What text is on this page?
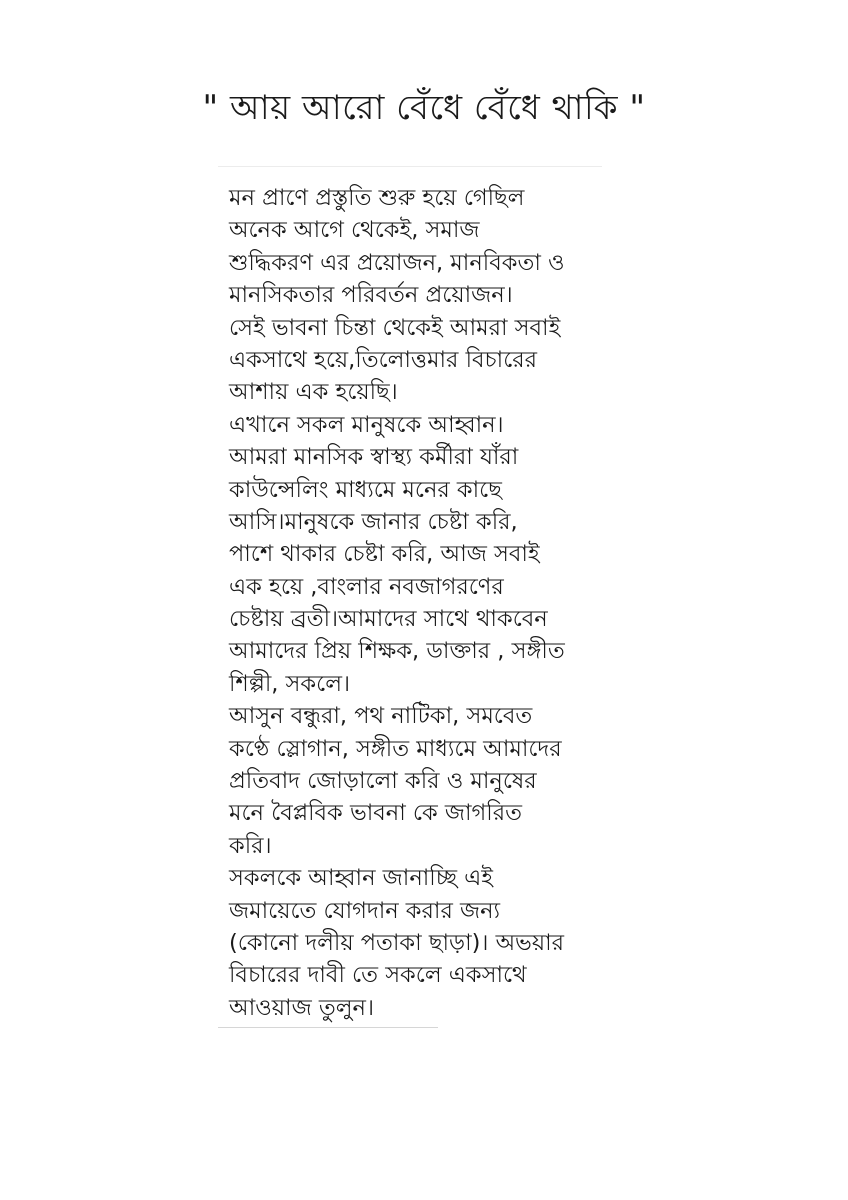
" আয় আরো বেঁধে বেঁধে থাকি "
মন প্রাণে প্রস্তুতি শুরু হয়ে গেছিল
অনেক আগে থেকেই, সমাজ
শুদ্ধিকরণ এর প্রয়োজন, মানবিকতা ও
মানসিকতার পরিবর্তন প্রয়োজন।
সেই ভাবনা চিন্তা থেকেই আমরা সবাই
একসাথে হয়ে,তিলোত্তমার বিচারের
আশায় এক হয়েছি।
এখানে সকল মানুষকে আহ্বান।
আমরা মানসিক স্বাস্থ্য কর্মীরা যাঁরা
কাউন্সেলিং মাধ্যমে মনের কাছে
আসি।মানুষকে জানার চেষ্টা করি,
পাশে থাকার চেষ্টা করি, আজ সবাই
এক হয়ে ,বাংলার নবজাগরণের
চেষ্টায় ব্রতী।আমাদের সাথে থাকবেন
আমাদের প্রিয় শিক্ষক, ডাক্তার , সঙ্গীত
শিল্পী, সকলে।
আসুন বন্ধুরা, পথ নাটিকা, সমবেত
কণ্ঠে স্লোগান, সঙ্গীত মাধ্যমে আমাদের
প্রতিবাদ জোড়ালো করি ও মানুষের
মনে বৈপ্লবিক ভাবনা কে জাগরিত
করি।
সকলকে আহ্বান জানাচ্ছি এই
জমায়েতে যোগদান করার জন্য
(কোনো দলীয় পতাকা ছাড়া)। অভয়ার
বিচারের দাবী তে সকলে একসাথে
আওয়াজ তুলুন।
